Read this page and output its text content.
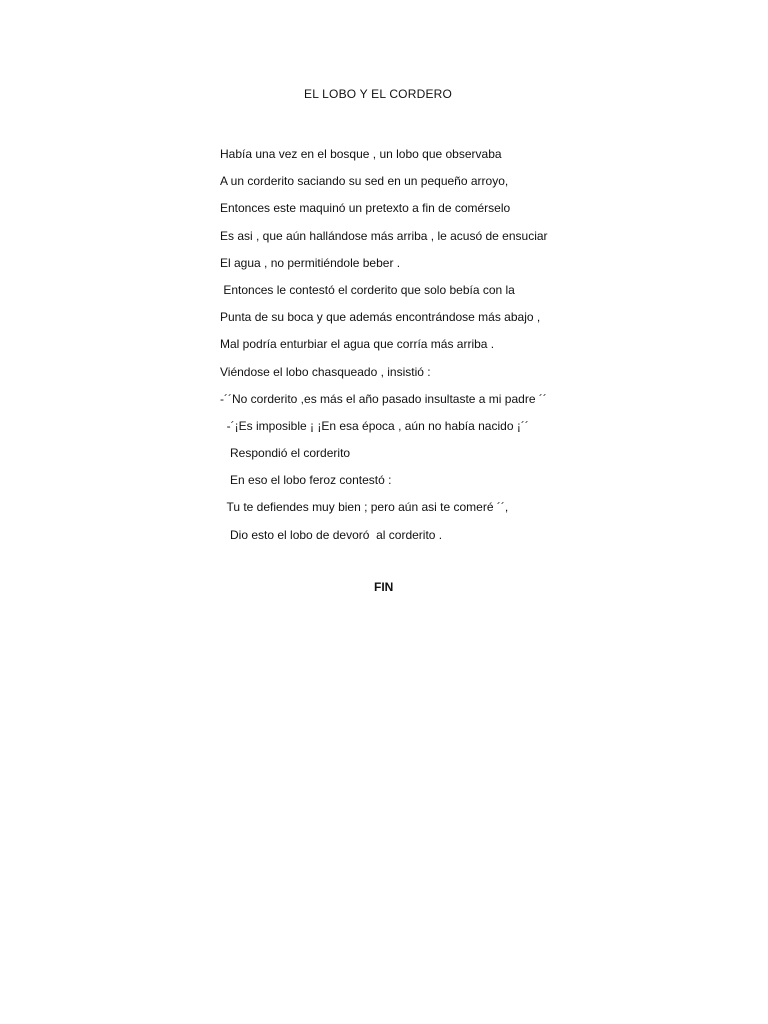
EL LOBO Y EL CORDERO
Había una vez en el bosque , un lobo que observaba
A un corderito saciando su sed en un pequeño arroyo,
Entonces este maquinó un pretexto a fin de comérselo
Es asi , que aún hallándose más arriba , le acusó de ensuciar
El agua , no permitiéndole beber .
Entonces le contestó el corderito que solo bebía con la
Punta de su boca y que además encontrándose más abajo ,
Mal podría enturbiar el agua que corría más arriba .
Viéndose el lobo chasqueado , insistió :
-´´No corderito ,es más el año pasado insultaste a mi padre ´´
-´¡Es imposible ¡ ¡En esa época , aún no había nacido ¡´´
Respondió el corderito
En eso el lobo feroz contestó :
Tu te defiendes muy bien ; pero aún asi te comeré ´´,
Dio esto el lobo de devoró  al corderito .
FIN
